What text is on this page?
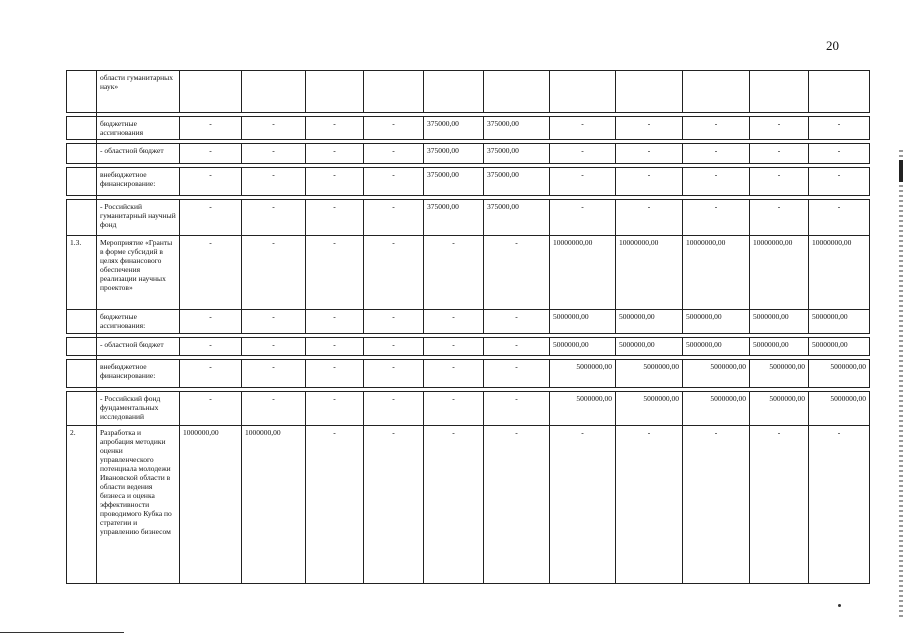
20
	области гуманитарных наук»											

	бюджетные ассигнования	-	-	-	-	375000,00	375000,00	-	-	-	-	-

	- областной бюджет	-	-	-	-	375000,00	375000,00	-	-	-	-	-

	внебюджетное финансирование:	-	-	-	-	375000,00	375000,00	-	-	-	-	-

	- Российский гуманитарный научный фонд	-	-	-	-	375000,00	375000,00	-	-	-	-	-
1.3.	Мероприятие «Гранты в форме субсидий в целях финансового обеспечения реализации научных проектов»	-	-	-	-	-	-	10000000,00	10000000,00	10000000,00	10000000,00	10000000,00
	бюджетные ассигнования:	-	-	-	-	-	-	5000000,00	5000000,00	5000000,00	5000000,00	5000000,00

	- областной бюджет	-	-	-	-	-	-	5000000,00	5000000,00	5000000,00	5000000,00	5000000,00

	внебюджетное финансирование:	-	-	-	-	-	-	5000000,00	5000000,00	5000000,00	5000000,00	5000000,00

	- Российский фонд фундаментальных исследований	-	-	-	-	-	-	5000000,00	5000000,00	5000000,00	5000000,00	5000000,00
2.	Разработка и апробация методики оценки управленческого потенциала молодежи Ивановской области в области ведения бизнеса и оценка эффективности проводимого Кубка по стратегии и управлению бизнесом	1000000,00	1000000,00	-	-	-	-	-	-	-	-	-
